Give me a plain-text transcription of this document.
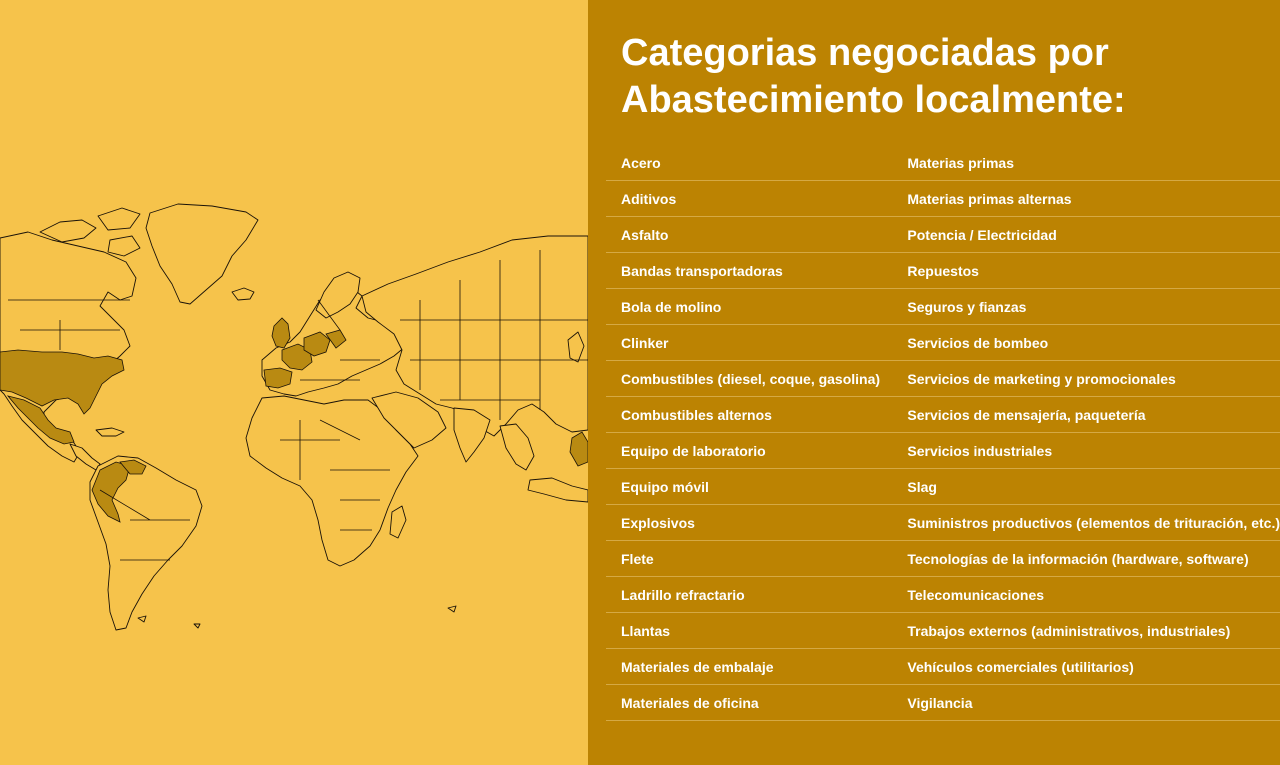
Categorias negociadas por
Abastecimiento localmente:
Acero	Materias primas
Aditivos	Materias primas alternas
Asfalto	Potencia / Electricidad
Bandas transportadoras	Repuestos
Bola de molino	Seguros y fianzas
Clinker	Servicios de bombeo
Combustibles (diesel, coque, gasolina)	Servicios de marketing y promocionales
Combustibles alternos	Servicios de mensajería, paquetería
Equipo de laboratorio	Servicios industriales
Equipo móvil	Slag
Explosivos	Suministros productivos (elementos de trituración, etc.)
Flete	Tecnologías de la información (hardware, software)
Ladrillo refractario	Telecomunicaciones
Llantas	Trabajos externos (administrativos, industriales)
Materiales de embalaje	Vehículos comerciales (utilitarios)
Materiales de oficina	Vigilancia
